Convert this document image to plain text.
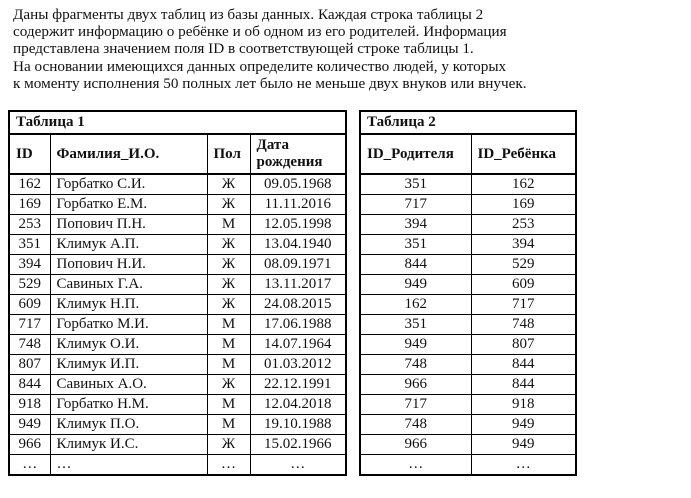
Даны фрагменты двух таблиц из базы данных. Каждая строка таблицы 2
содержит информацию о ребёнке и об одном из его родителей. Информация
представлена значением поля ID в соответствующей строке таблицы 1.
На основании имеющихся данных определите количество людей, у которых
к моменту исполнения 50 полных лет было не меньше двух внуков или внучек.
Таблица 1			
ID	Фамилия_И.О.	Пол	Дата рождения
162	Горбатко С.И.	Ж	09.05.1968
169	Горбатко Е.М.	Ж	11.11.2016
253	Попович П.Н.	М	12.05.1998
351	Климук А.П.	Ж	13.04.1940
394	Попович Н.И.	Ж	08.09.1971
529	Савиных Г.А.	Ж	13.11.2017
609	Климук Н.П.	Ж	24.08.2015
717	Горбатко М.И.	М	17.06.1988
748	Климук О.И.	М	14.07.1964
807	Климук И.П.	М	01.03.2012
844	Савиных А.О.	Ж	22.12.1991
918	Горбатко Н.М.	М	12.04.2018
949	Климук П.О.	М	19.10.1988
966	Климук И.С.	Ж	15.02.1966
…	…	…	…
Таблица 2	
ID_Родителя	ID_Ребёнка
351	162
717	169
394	253
351	394
844	529
949	609
162	717
351	748
949	807
748	844
966	844
717	918
748	949
966	949
…	…
